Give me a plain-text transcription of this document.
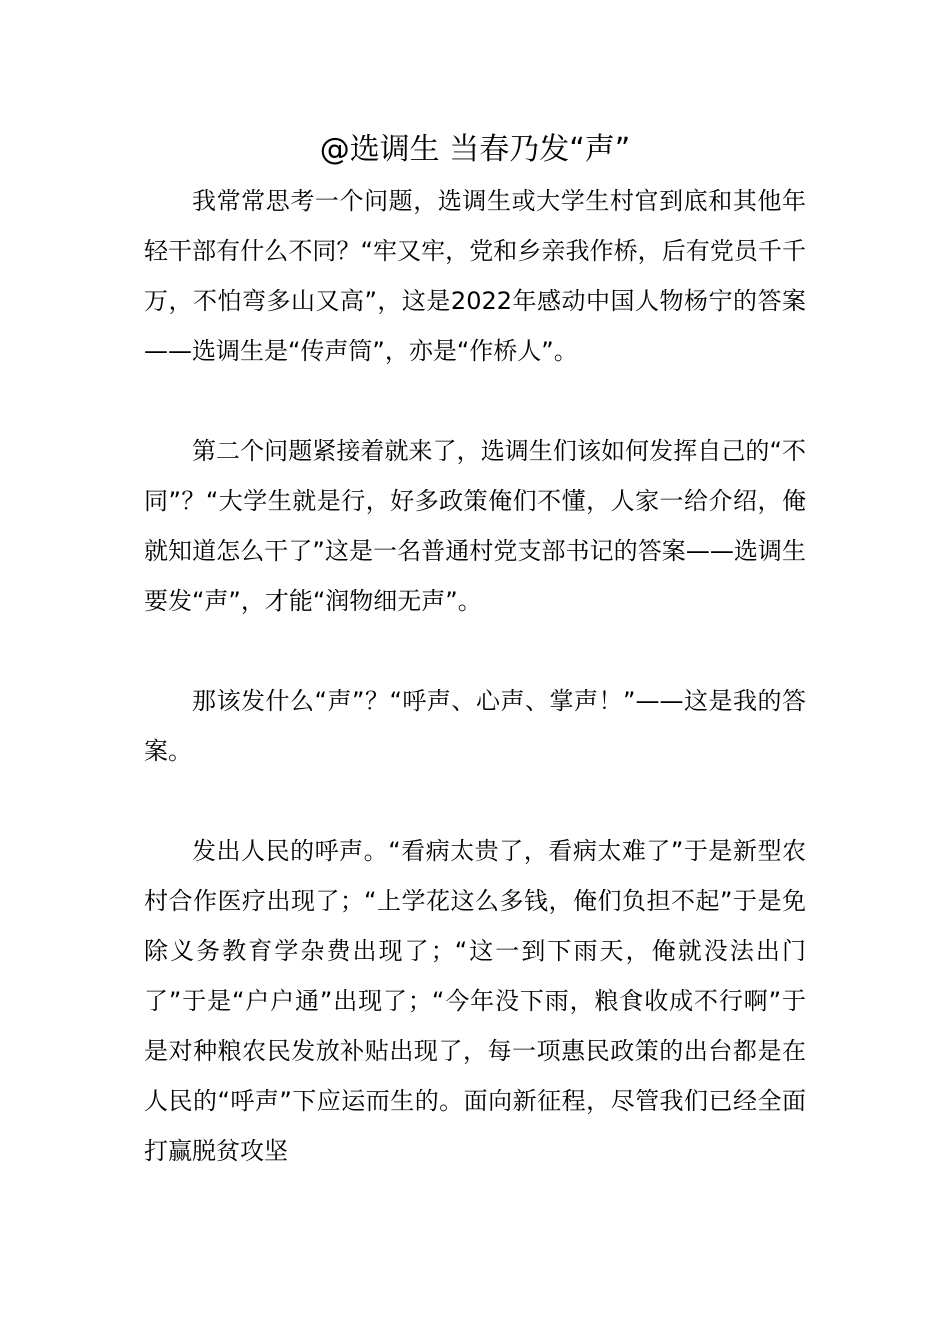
@选调生 当春乃发“声”

我常常思考一个问题，选调生或大学生村官到底和其他年轻干部有什么不同？“牢又牢，党和乡亲我作桥，后有党员千千万，不怕弯多山又高”，这是2022年感动中国人物杨宁的答案——选调生是“传声筒”，亦是“作桥人”。

第二个问题紧接着就来了，选调生们该如何发挥自己的“不同”？“大学生就是行，好多政策俺们不懂，人家一给介绍，俺就知道怎么干了”这是一名普通村党支部书记的答案——选调生要发“声”，才能“润物细无声”。

那该发什么“声”？“呼声、心声、掌声！”——这是我的答案。

发出人民的呼声。“看病太贵了，看病太难了”于是新型农村合作医疗出现了；“上学花这么多钱，俺们负担不起”于是免除义务教育学杂费出现了；“这一到下雨天，俺就没法出门了”于是“户户通”出现了；“今年没下雨，粮食收成不行啊”于是对种粮农民发放补贴出现了，每一项惠民政策的出台都是在人民的“呼声”下应运而生的。面向新征程，尽管我们已经全面打赢脱贫攻坚
